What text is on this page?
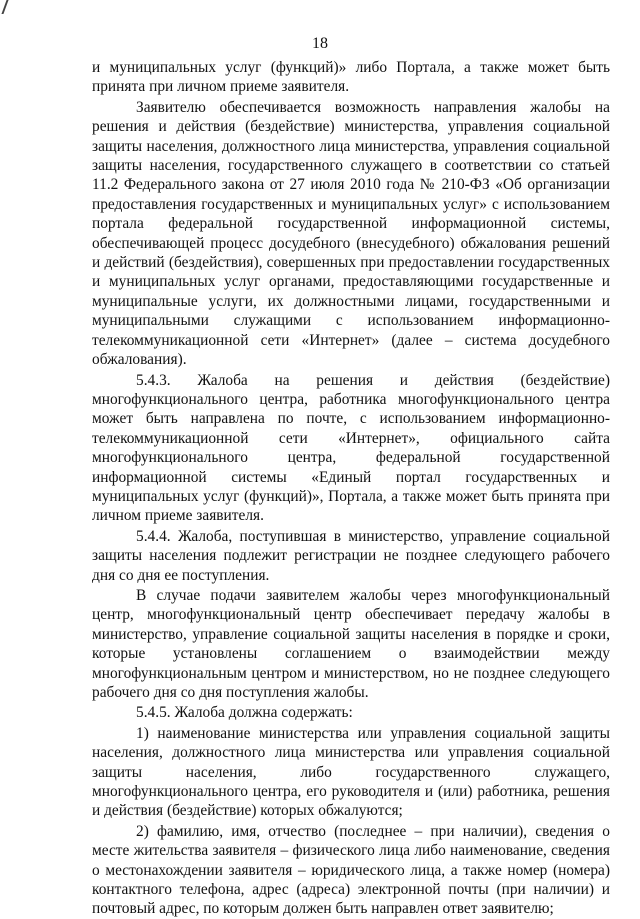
18

и муниципальных услуг (функций)» либо Портала, а также может быть принята при личном приеме заявителя.

Заявителю обеспечивается возможность направления жалобы на решения и действия (бездействие) министерства, управления социальной защиты населения, должностного лица министерства, управления социальной защиты населения, государственного служащего в соответствии со статьей 11.2 Федерального закона от 27 июля 2010 года № 210-ФЗ «Об организации предоставления государственных и муниципальных услуг» с использованием портала федеральной государственной информационной системы, обеспечивающей процесс досудебного (внесудебного) обжалования решений и действий (бездействия), совершенных при предоставлении государственных и муниципальных услуг органами, предоставляющими государственные и муниципальные услуги, их должностными лицами, государственными и муниципальными служащими с использованием информационно-телекоммуникационной сети «Интернет» (далее – система досудебного обжалования).

5.4.3. Жалоба на решения и действия (бездействие) многофункционального центра, работника многофункционального центра может быть направлена по почте, с использованием информационно-телекоммуникационной сети «Интернет», официального сайта многофункционального центра, федеральной государственной информационной системы «Единый портал государственных и муниципальных услуг (функций)», Портала, а также может быть принята при личном приеме заявителя.

5.4.4. Жалоба, поступившая в министерство, управление социальной защиты населения подлежит регистрации не позднее следующего рабочего дня со дня ее поступления.

В случае подачи заявителем жалобы через многофункциональный центр, многофункциональный центр обеспечивает передачу жалобы в министерство, управление социальной защиты населения в порядке и сроки, которые установлены соглашением о взаимодействии между многофункциональным центром и министерством, но не позднее следующего рабочего дня со дня поступления жалобы.

5.4.5. Жалоба должна содержать:

1) наименование министерства или управления социальной защиты населения, должностного лица министерства или управления социальной защиты населения, либо государственного служащего, многофункционального центра, его руководителя и (или) работника, решения и действия (бездействие) которых обжалуются;

2) фамилию, имя, отчество (последнее – при наличии), сведения о месте жительства заявителя – физического лица либо наименование, сведения о местонахождении заявителя – юридического лица, а также номер (номера) контактного телефона, адрес (адреса) электронной почты (при наличии) и почтовый адрес, по которым должен быть направлен ответ заявителю;
